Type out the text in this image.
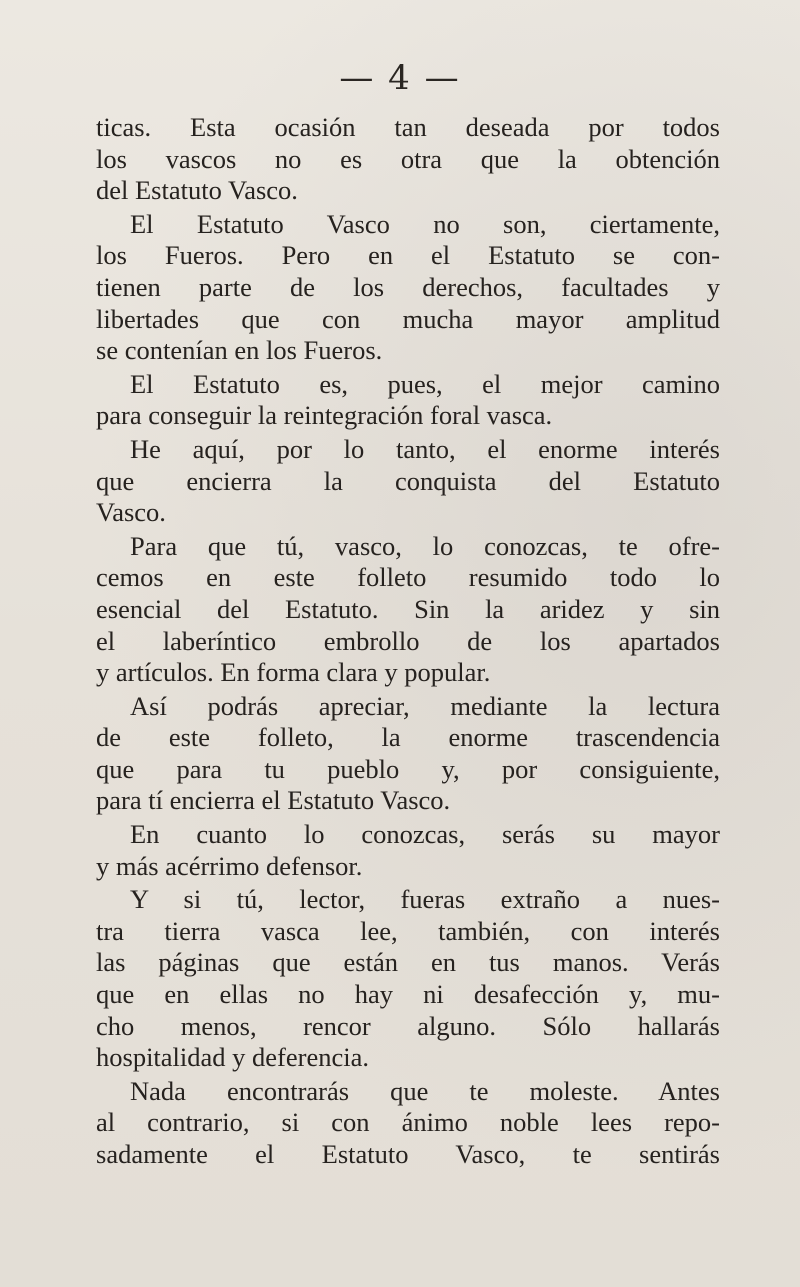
— 4 —
ticas. Esta ocasión tan deseada por todos
los vascos no es otra que la obtención
del Estatuto Vasco.
El Estatuto Vasco no son, ciertamente,
los Fueros. Pero en el Estatuto se con-
tienen parte de los derechos, facultades y
libertades que con mucha mayor amplitud
se contenían en los Fueros.
El Estatuto es, pues, el mejor camino
para conseguir la reintegración foral vasca.
He aquí, por lo tanto, el enorme interés
que encierra la conquista del Estatuto
Vasco.
Para que tú, vasco, lo conozcas, te ofre-
cemos en este folleto resumido todo lo
esencial del Estatuto. Sin la aridez y sin
el laberíntico embrollo de los apartados
y artículos. En forma clara y popular.
Así podrás apreciar, mediante la lectura
de este folleto, la enorme trascendencia
que para tu pueblo y, por consiguiente,
para tí encierra el Estatuto Vasco.
En cuanto lo conozcas, serás su mayor
y más acérrimo defensor.
Y si tú, lector, fueras extraño a nues-
tra tierra vasca lee, también, con interés
las páginas que están en tus manos. Verás
que en ellas no hay ni desafección y, mu-
cho menos, rencor alguno. Sólo hallarás
hospitalidad y deferencia.
Nada encontrarás que te moleste. Antes
al contrario, si con ánimo noble lees repo-
sadamente el Estatuto Vasco, te sentirás
